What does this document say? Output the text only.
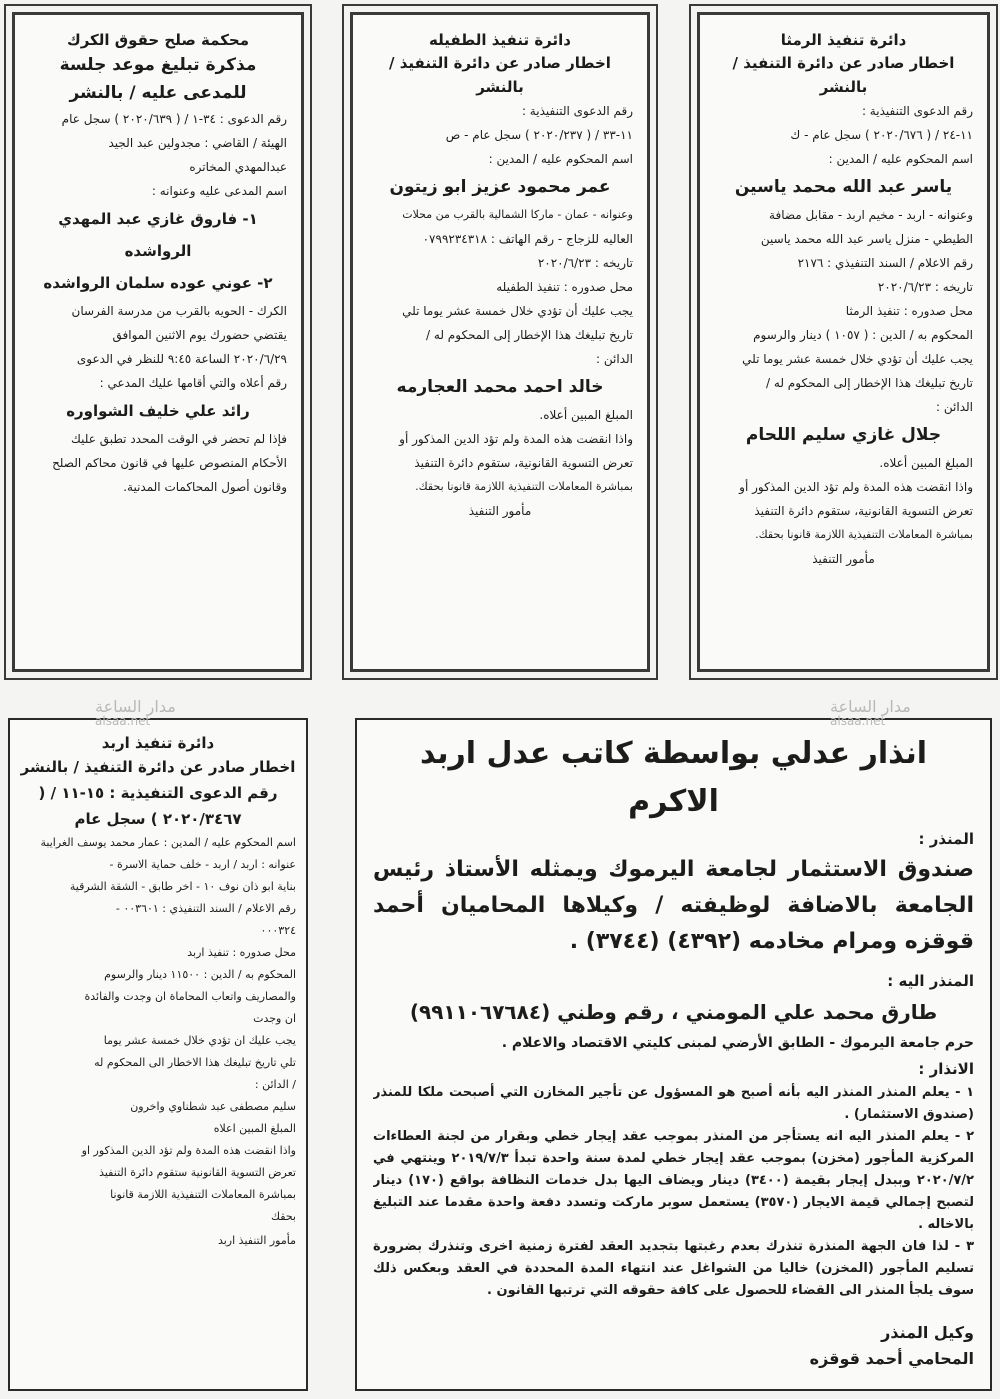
دائرة تنفيذ الرمثا
اخطار صادر عن دائرة التنفيذ / بالنشر
رقم الدعوى التنفيذية :
١١-٢٤ / ( ٢٠٢٠/٦٧٦ ) سجل عام - ك
اسم المحكوم عليه / المدين :
ياسر عبد الله محمد ياسين
وعنوانه - اربد - مخيم اربد - مقابل مضافة
الطيطي - منزل ياسر عبد الله محمد ياسين
رقم الاعلام / السند التنفيذي : ٢١٧٦
تاريخه : ٢٠٢٠/٦/٢٣
محل صدوره : تنفيذ الرمثا
المحكوم به / الدين : ( ١٠٥٧ ) دينار والرسوم
يجب عليك أن تؤدي خلال خمسة عشر يوما تلي
تاريخ تبليغك هذا الإخطار إلى المحكوم له /
الدائن :
جلال غازي سليم اللحام
المبلغ المبين أعلاه.
واذا انقضت هذه المدة ولم تؤد الدين المذكور أو
تعرض التسوية القانونية، ستقوم دائرة التنفيذ
بمباشرة المعاملات التنفيذية اللازمة قانونا بحقك.
مأمور التنفيذ
دائرة تنفيذ الطفيله
اخطار صادر عن دائرة التنفيذ / بالنشر
رقم الدعوى التنفيذية :
١١-٣٣ / ( ٢٠٢٠/٢٣٧ ) سجل عام - ص
اسم المحكوم عليه / المدين :
عمر محمود عزيز ابو زيتون
وعنوانه - عمان - ماركا الشمالية بالقرب من محلات
العاليه للزجاج - رقم الهاتف : ٠٧٩٩٢٣٤٣١٨
تاريخه : ٢٠٢٠/٦/٢٣
محل صدوره : تنفيذ الطفيله
يجب عليك أن تؤدي خلال خمسة عشر يوما تلي
تاريخ تبليغك هذا الإخطار إلى المحكوم له /
الدائن :
خالد احمد محمد العجارمه
المبلغ المبين أعلاه.
واذا انقضت هذه المدة ولم تؤد الدين المذكور أو
تعرض التسوية القانونية، ستقوم دائرة التنفيذ
بمباشرة المعاملات التنفيذية اللازمة قانونا بحقك.
مأمور التنفيذ
محكمة صلح حقوق الكرك
مذكرة تبليغ موعد جلسة للمدعى عليه / بالنشر
رقم الدعوى : ٣٤-١ / ( ٢٠٢٠/٦٣٩ ) سجل عام
الهيئة / القاضي : مجدولين عبد الجيد
عبدالمهدي المخاتره
اسم المدعى عليه وعنوانه :
١- فاروق غازي عبد المهدي الرواشده
٢- عوني عوده سلمان الرواشده
الكرك - الحويه بالقرب من مدرسة الفرسان
يقتضي حضورك يوم الاثنين الموافق
٢٠٢٠/٦/٢٩ الساعة ٩:٤٥ للنظر في الدعوى
رقم أعلاه والتي أقامها عليك المدعي :
رائد علي خليف الشواوره
فإذا لم تحضر في الوقت المحدد تطبق عليك
الأحكام المنصوص عليها في قانون محاكم الصلح
وقانون أصول المحاكمات المدنية.
انذار عدلي بواسطة كاتب عدل اربد الاكرم
المنذر :
صندوق الاستثمار لجامعة اليرموك ويمثله الأستاذ رئيس الجامعة بالاضافة لوظيفته / وكيلاها المحاميان أحمد قوقزه ومرام مخادمه (٤٣٩٢) (٣٧٤٤) .
المنذر اليه :
طارق محمد علي المومني ، رقم وطني (٩٩١١٠٦٧٦٨٤)
حرم جامعة اليرموك - الطابق الأرضي لمبنى كليتي الاقتصاد والاعلام .
الانذار :
١ - يعلم المنذر المنذر اليه بأنه أصبح هو المسؤول عن تأجير المخازن التي أصبحت ملكا للمنذر (صندوق الاستثمار) .
٢ - يعلم المنذر اليه انه يستأجر من المنذر بموجب عقد إيجار خطي وبقرار من لجنة العطاءات المركزية المأجور (مخزن) بموجب عقد إيجار خطي لمدة سنة واحدة تبدأ ٢٠١٩/٧/٣ وينتهي في ٢٠٢٠/٧/٢ وببدل إيجار بقيمة (٣٤٠٠) دينار ويضاف اليها بدل خدمات النظافة بواقع (١٧٠) دينار لتصبح إجمالي قيمة الايجار (٣٥٧٠) يستعمل سوبر ماركت وتسدد دفعة واحدة مقدما عند التبليغ بالاخاله .
٣ - لذا فان الجهة المنذرة تنذرك بعدم رغبتها بتجديد العقد لفترة زمنية اخرى وتنذرك بضرورة تسليم المأجور (المخزن) خاليا من الشواغل عند انتهاء المدة المحددة في العقد وبعكس ذلك سوف يلجأ المنذر الى القضاء للحصول على كافة حقوقه التي ترتبها القانون .
وكيل المنذر
المحامي أحمد قوقزه
دائرة تنفيذ اربد
اخطار صادر عن دائرة التنفيذ / بالنشر
رقم الدعوى التنفيذية : ١٥-١١ / ( ٢٠٢٠/٣٤٦٧ ) سجل عام
اسم المحكوم عليه / المدين : عمار محمد يوسف الغرايبة
عنوانه : اربد / اربد - خلف حماية الاسرة -
بناية ابو ذان نوف ١٠ - اخر طابق - الشقة الشرقية
رقم الاعلام / السند التنفيذي : ٠٠٣٦٠١ -
٠٠٠٣٢٤
محل صدوره : تنفيذ اربد
المحكوم به / الدين : ١١٥٠٠ دينار والرسوم
والمصاريف واتعاب المحاماة ان وجدت والفائدة
ان وجدت
يجب عليك ان تؤدي خلال خمسة عشر يوما
تلي تاريخ تبليغك هذا الاخطار الى المحكوم له
/ الدائن :
سليم مصطفى عبد شطناوي واخرون
المبلغ المبين اعلاه
واذا انقضت هذه المدة ولم تؤد الدين المذكور او
تعرض التسوية القانونية ستقوم دائرة التنفيذ
بمباشرة المعاملات التنفيذية اللازمة قانونا
بحقك
مأمور التنفيذ اربد
مدار الساعة
alsaa.net
مدار الساعة
alsaa.net
